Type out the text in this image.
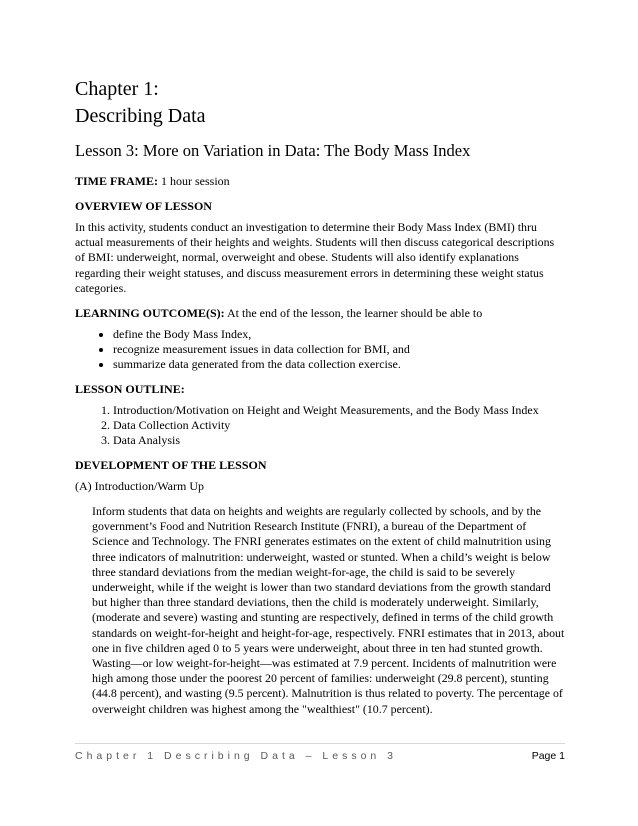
Chapter 1:
Describing Data
Lesson 3: More on Variation in Data: The Body Mass Index

TIME FRAME: 1 hour session

OVERVIEW OF LESSON

In this activity, students conduct an investigation to determine their Body Mass Index (BMI) thru actual measurements of their heights and weights. Students will then discuss categorical descriptions of BMI: underweight, normal, overweight and obese. Students will also identify explanations regarding their weight statuses, and discuss measurement errors in determining these weight status categories.

LEARNING OUTCOME(S): At the end of the lesson, the learner should be able to

• define the Body Mass Index,
• recognize measurement issues in data collection for BMI, and
• summarize data generated from the data collection exercise.

LESSON OUTLINE:

1. Introduction/Motivation on Height and Weight Measurements, and the Body Mass Index
2. Data Collection Activity
3. Data Analysis

DEVELOPMENT OF THE LESSON

(A) Introduction/Warm Up

Inform students that data on heights and weights are regularly collected by schools, and by the government’s Food and Nutrition Research Institute (FNRI), a bureau of the Department of Science and Technology. The FNRI generates estimates on the extent of child malnutrition using three indicators of malnutrition: underweight, wasted or stunted. When a child’s weight is below three standard deviations from the median weight-for-age, the child is said to be severely underweight, while if the weight is lower than two standard deviations from the growth standard but higher than three standard deviations, then the child is moderately underweight. Similarly, (moderate and severe) wasting and stunting are respectively, defined in terms of the child growth standards on weight-for-height and height-for-age, respectively. FNRI estimates that in 2013, about one in five children aged 0 to 5 years were underweight, about three in ten had stunted growth. Wasting—or low weight-for-height—was estimated at 7.9 percent. Incidents of malnutrition were high among those under the poorest 20 percent of families: underweight (29.8 percent), stunting (44.8 percent), and wasting (9.5 percent). Malnutrition is thus related to poverty. The percentage of overweight children was highest among the "wealthiest" (10.7 percent).

Chapter 1 Describing Data – Lesson 3	Page 1
